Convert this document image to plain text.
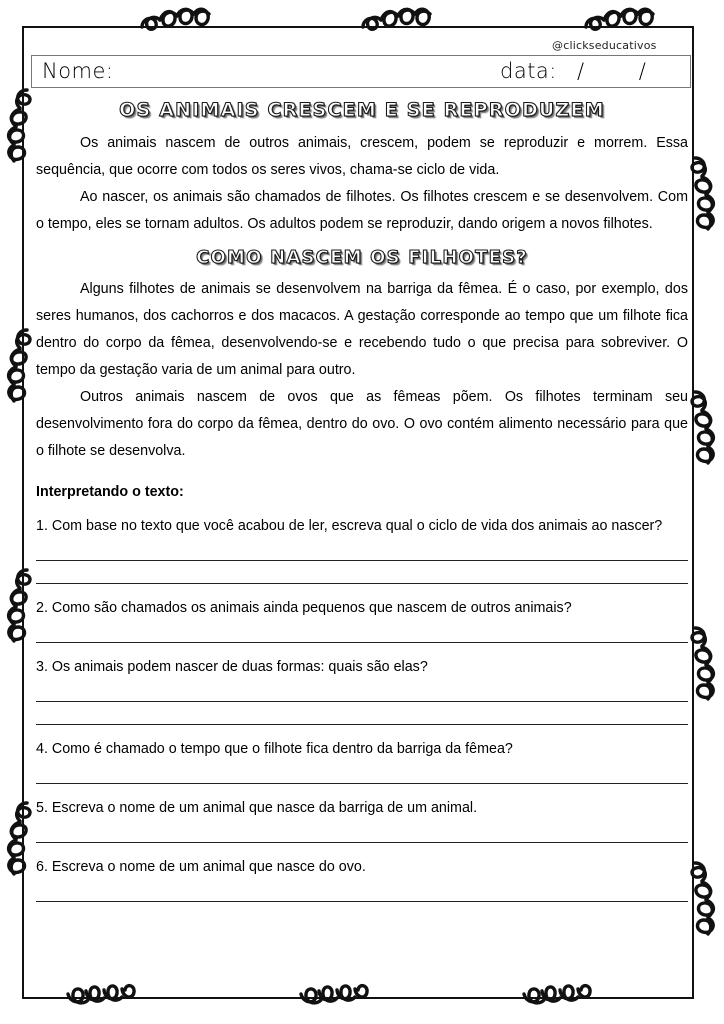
@clickseducativos
Nome:	data: / /
OS ANIMAIS CRESCEM E SE REPRODUZEM

Os animais nascem de outros animais, crescem, podem se reproduzir e morrem. Essa sequência, que ocorre com todos os seres vivos, chama-se ciclo de vida.

Ao nascer, os animais são chamados de filhotes. Os filhotes crescem e se desenvolvem. Com o tempo, eles se tornam adultos. Os adultos podem se reproduzir, dando origem a novos filhotes.

COMO NASCEM OS FILHOTES?

Alguns filhotes de animais se desenvolvem na barriga da fêmea. É o caso, por exemplo, dos seres humanos, dos cachorros e dos macacos. A gestação corresponde ao tempo que um filhote fica dentro do corpo da fêmea, desenvolvendo-se e recebendo tudo o que precisa para sobreviver. O tempo da gestação varia de um animal para outro.

Outros animais nascem de ovos que as fêmeas põem. Os filhotes terminam seu desenvolvimento fora do corpo da fêmea, dentro do ovo. O ovo contém alimento necessário para que o filhote se desenvolva.

Interpretando o texto:
1. Com base no texto que você acabou de ler, escreva qual o ciclo de vida dos animais ao nascer?
2. Como são chamados os animais ainda pequenos que nascem de outros animais?
3. Os animais podem nascer de duas formas: quais são elas?
4. Como é chamado o tempo que o filhote fica dentro da barriga da fêmea?
5. Escreva o nome de um animal que nasce da barriga de um animal.
6. Escreva o nome de um animal que nasce do ovo.
